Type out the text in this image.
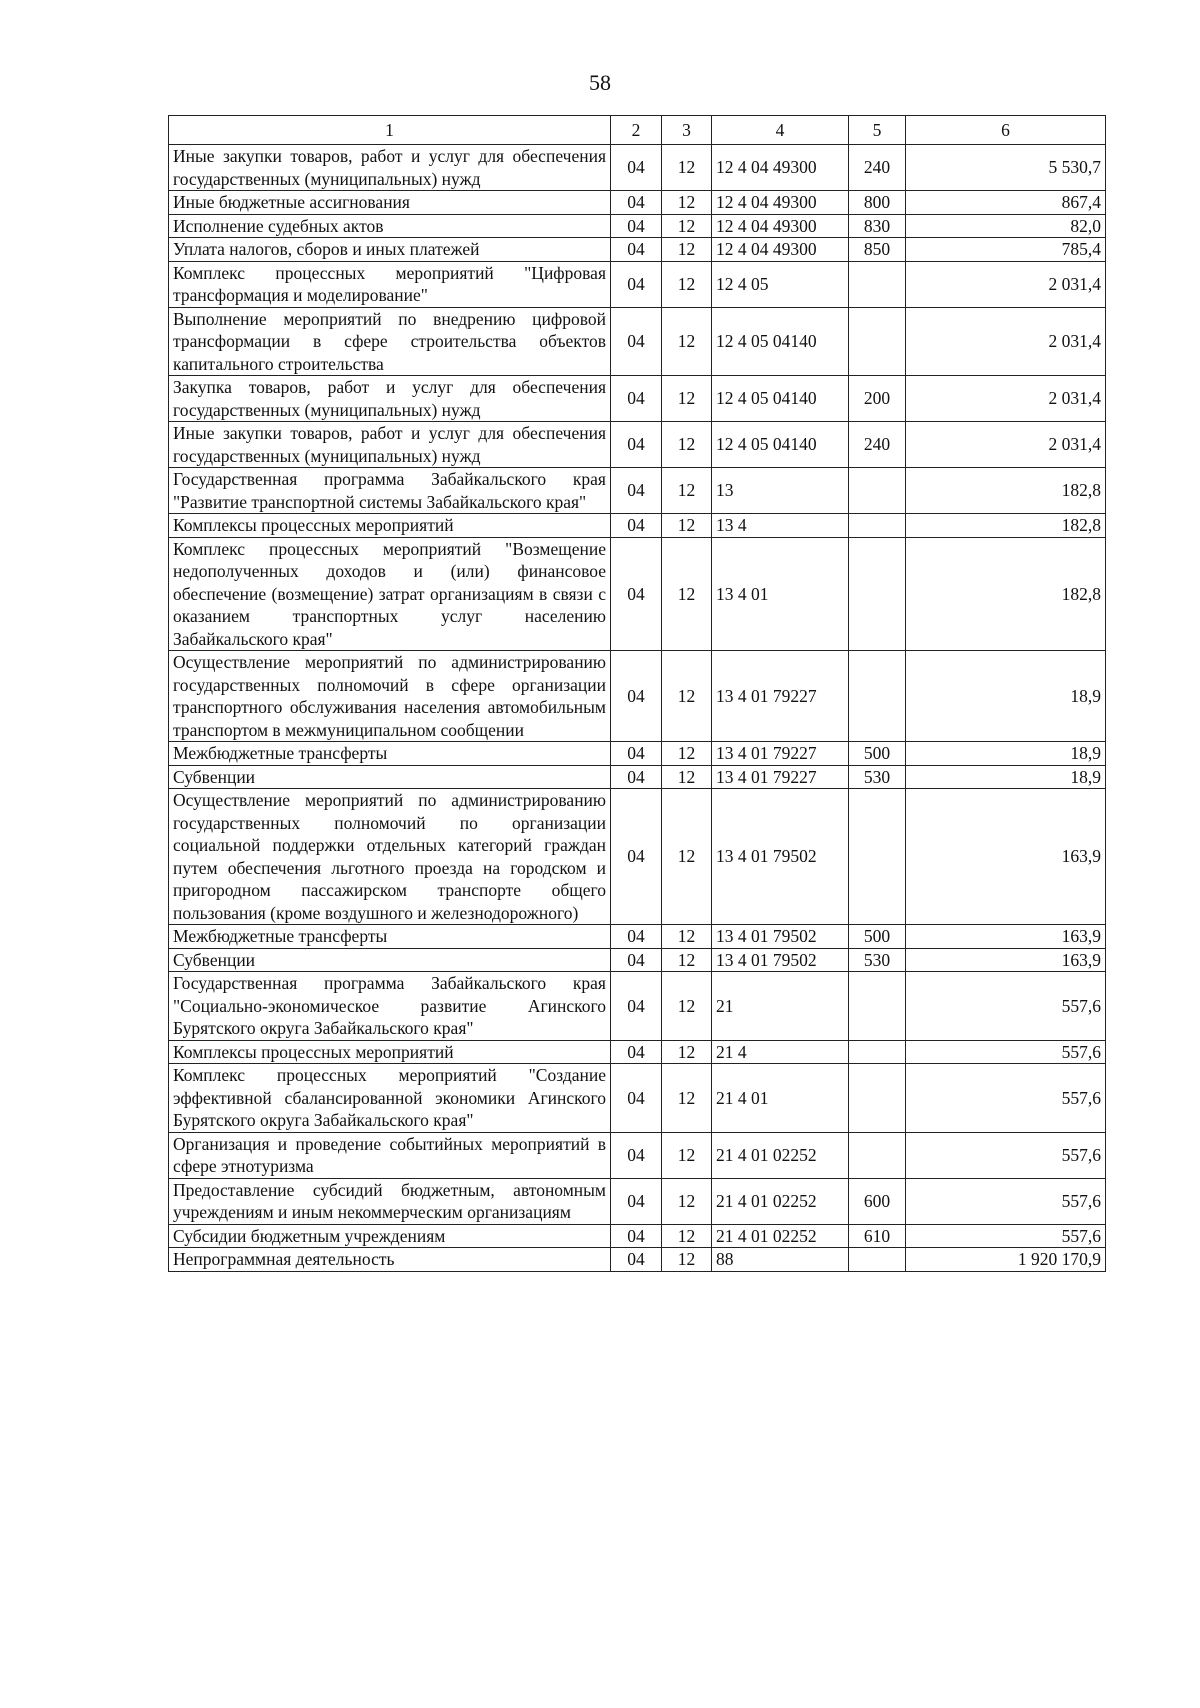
58
1	2	3	4	5	6
Иные закупки товаров, работ и услуг для обеспечения государственных (муниципальных) нужд	04	12	12 4 04 49300	240	5 530,7
Иные бюджетные ассигнования	04	12	12 4 04 49300	800	867,4
Исполнение судебных актов	04	12	12 4 04 49300	830	82,0
Уплата налогов, сборов и иных платежей	04	12	12 4 04 49300	850	785,4
Комплекс процессных мероприятий "Цифровая трансформация и моделирование"	04	12	12 4 05		2 031,4
Выполнение мероприятий по внедрению цифровой трансформации в сфере строительства объектов капитального строительства	04	12	12 4 05 04140		2 031,4
Закупка товаров, работ и услуг для обеспечения государственных (муниципальных) нужд	04	12	12 4 05 04140	200	2 031,4
Иные закупки товаров, работ и услуг для обеспечения государственных (муниципальных) нужд	04	12	12 4 05 04140	240	2 031,4
Государственная программа Забайкальского края "Развитие транспортной системы Забайкальского края"	04	12	13		182,8
Комплексы процессных мероприятий	04	12	13 4		182,8
Комплекс процессных мероприятий "Возмещение недополученных доходов и (или) финансовое обеспечение (возмещение) затрат организациям в связи с оказанием транспортных услуг населению Забайкальского края"	04	12	13 4 01		182,8
Осуществление мероприятий по администрированию государственных полномочий в сфере организации транспортного обслуживания населения автомобильным транспортом в межмуниципальном сообщении	04	12	13 4 01 79227		18,9
Межбюджетные трансферты	04	12	13 4 01 79227	500	18,9
Субвенции	04	12	13 4 01 79227	530	18,9
Осуществление мероприятий по администрированию государственных полномочий по организации социальной поддержки отдельных категорий граждан путем обеспечения льготного проезда на городском и пригородном пассажирском транспорте общего пользования (кроме воздушного и железнодорожного)	04	12	13 4 01 79502		163,9
Межбюджетные трансферты	04	12	13 4 01 79502	500	163,9
Субвенции	04	12	13 4 01 79502	530	163,9
Государственная программа Забайкальского края "Социально-экономическое развитие Агинского Бурятского округа Забайкальского края"	04	12	21		557,6
Комплексы процессных мероприятий	04	12	21 4		557,6
Комплекс процессных мероприятий "Создание эффективной сбалансированной экономики Агинского Бурятского округа Забайкальского края"	04	12	21 4 01		557,6
Организация и проведение событийных мероприятий в сфере этнотуризма	04	12	21 4 01 02252		557,6
Предоставление субсидий бюджетным, автономным учреждениям и иным некоммерческим организациям	04	12	21 4 01 02252	600	557,6
Субсидии бюджетным учреждениям	04	12	21 4 01 02252	610	557,6
Непрограммная деятельность	04	12	88		1 920 170,9
